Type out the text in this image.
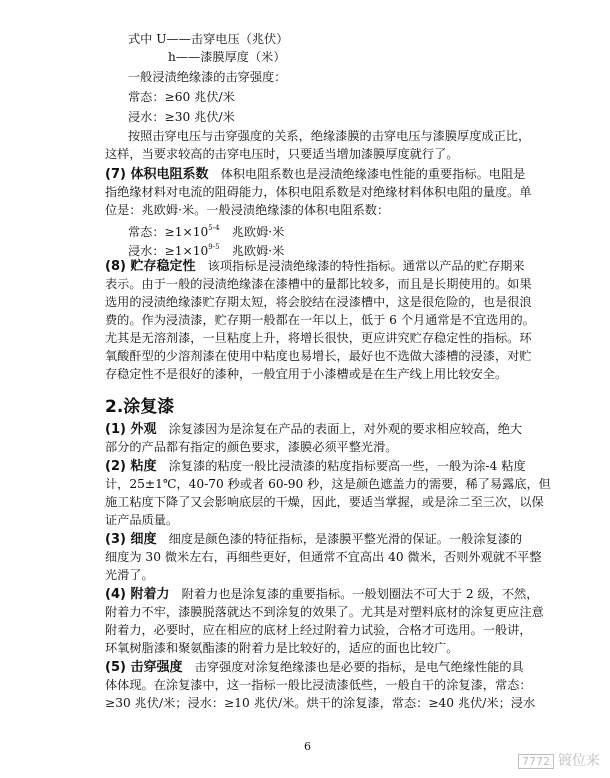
式中 U——击穿电压（兆伏）
h——漆膜厚度（米）
一般浸渍绝缘漆的击穿强度：
常态：≥60 兆伏/米
浸水：≥30 兆伏/米
按照击穿电压与击穿强度的关系，绝缘漆膜的击穿电压与漆膜厚度成正比，
这样，当要求较高的击穿电压时，只要适当增加漆膜厚度就行了。
(7) 体积电阻系数　体积电阻系数也是浸渍绝缘漆电性能的重要指标。电阻是
指绝缘材料对电流的阻碍能力，体积电阻系数是对绝缘材料体积电阻的量度。单
位是：兆欧姆·米。一般浸渍绝缘漆的体积电阻系数：
常态：$\ge 1\times 10^{5-4}$　兆欧姆·米
浸水：$\ge 1\times 10^{9-5}$　兆欧姆·米
(8) 贮存稳定性　该项指标是浸渍绝缘漆的特性指标。通常以产品的贮存期来
表示。由于一般的浸渍绝缘漆在漆槽中的量都比较多，而且是长期使用的。如果
选用的浸渍绝缘漆贮存期太短，将会胶结在浸漆槽中，这是很危险的，也是很浪
费的。作为浸渍漆，贮存期一般都在一年以上，低于 6 个月通常是不宜选用的。
尤其是无溶剂漆，一旦粘度上升，将增长很快，更应讲究贮存稳定性的指标。环
氧酸酐型的少溶剂漆在使用中粘度也易增长，最好也不选做大漆槽的浸漆，对贮
存稳定性不是很好的漆种，一般宜用于小漆槽或是在生产线上用比较安全。
(1) 外观　涂复漆因为是涂复在产品的表面上，对外观的要求相应较高，绝大
部分的产品都有指定的颜色要求，漆膜必须平整光滑。
(2) 粘度　涂复漆的粘度一般比浸渍漆的粘度指标要高一些，一般为涂-4 粘度
计，25±1℃，40-70 秒或者 60-90 秒，这是颜色遮盖力的需要，稀了易露底，但
施工粘度下降了又会影响底层的干燥，因此，要适当掌握，或是涂二至三次，以保
证产品质量。
(3) 细度　细度是颜色漆的特征指标，是漆膜平整光滑的保证。一般涂复漆的
细度为 30 微米左右，再细些更好，但通常不宜高出 40 微米，否则外观就不平整
光滑了。
(4) 附着力　附着力也是涂复漆的重要指标。一般划圈法不可大于 2 级，不然，
附着力不牢，漆膜脱落就达不到涂复的效果了。尤其是对塑料底材的涂复更应注意
附着力，必要时，应在相应的底材上经过附着力试验，合格才可选用。一般讲，
环氧树脂漆和聚氨酯漆的附着力是比较好的，适应的面也比较广。
(5) 击穿强度　击穿强度对涂复绝缘漆也是必要的指标，是电气绝缘性能的具
体体现。在涂复漆中，这一指标一般比浸渍漆低些，一般自干的涂复漆，常态：
≥30 兆伏/米；浸水：≥10 兆伏/米。烘干的涂复漆，常态：≥40 兆伏/米；浸水
2.涂复漆
6
7772 镀位来
